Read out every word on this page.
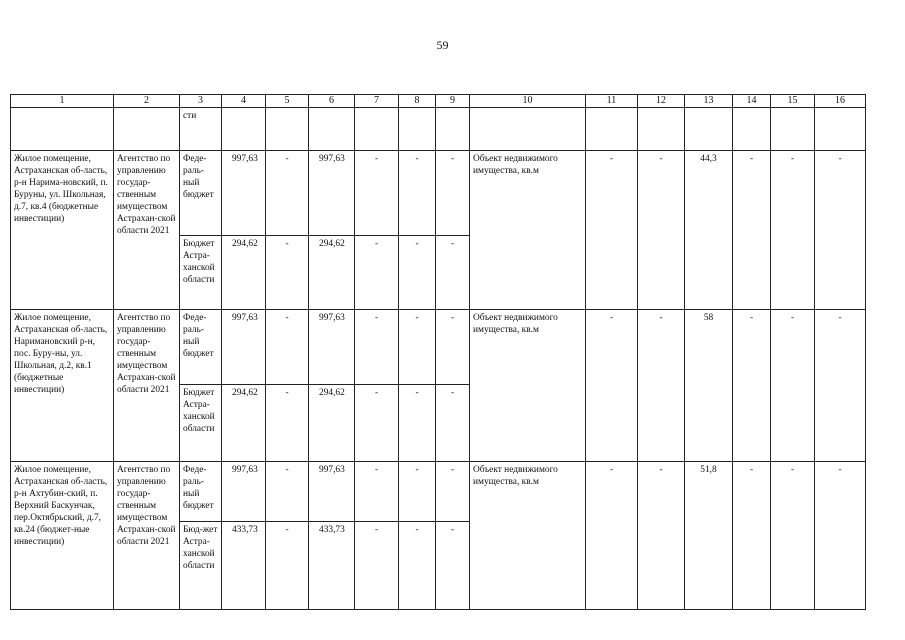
59
1	2	3	4	5	6	7	8	9	10	11	12	13	14	15	16
		сти													
Жилое помещение, Астраханская об-ласть, р-н Нарима-новский, п. Буруны, ул. Школьная, д.7, кв.4 (бюджетные инвестиции)	Агентство по управлению государ-ственным имуществом Астрахан-ской области 2021	Феде-раль-ный бюджет	997,63	-	997,63	-	-	-	Объект недвижимого имущества, кв.м	-	-	44,3	-	-	-
		Бюджет Астра-ханской области	294,62	-	294,62	-	-	-							
Жилое помещение, Астраханская об-ласть, Наримановский р-н, пос. Буру-ны, ул. Школьная, д.2, кв.1 (бюджетные инвестиции)	Агентство по управлению государ-ственным имуществом Астрахан-ской области 2021	Феде-раль-ный бюджет	997,63	-	997,63	-	-	-	Объект недвижимого имущества, кв.м	-	-	58	-	-	-
		Бюджет Астра-ханской области	294,62	-	294,62	-	-	-							
Жилое помещение, Астраханская об-ласть, р-н Ахтубин-ский, п. Верхний Баскунчак, пер.Октябрьский, д.7, кв.24 (бюджет-ные инвестиции)	Агентство по управлению государ-ственным имуществом Астрахан-ской области 2021	Феде-раль-ный бюджет	997,63	-	997,63	-	-	-	Объект недвижимого имущества, кв.м	-	-	51,8	-	-	-
		Бюд-жет Астра-ханской области	433,73	-	433,73	-	-	-							
